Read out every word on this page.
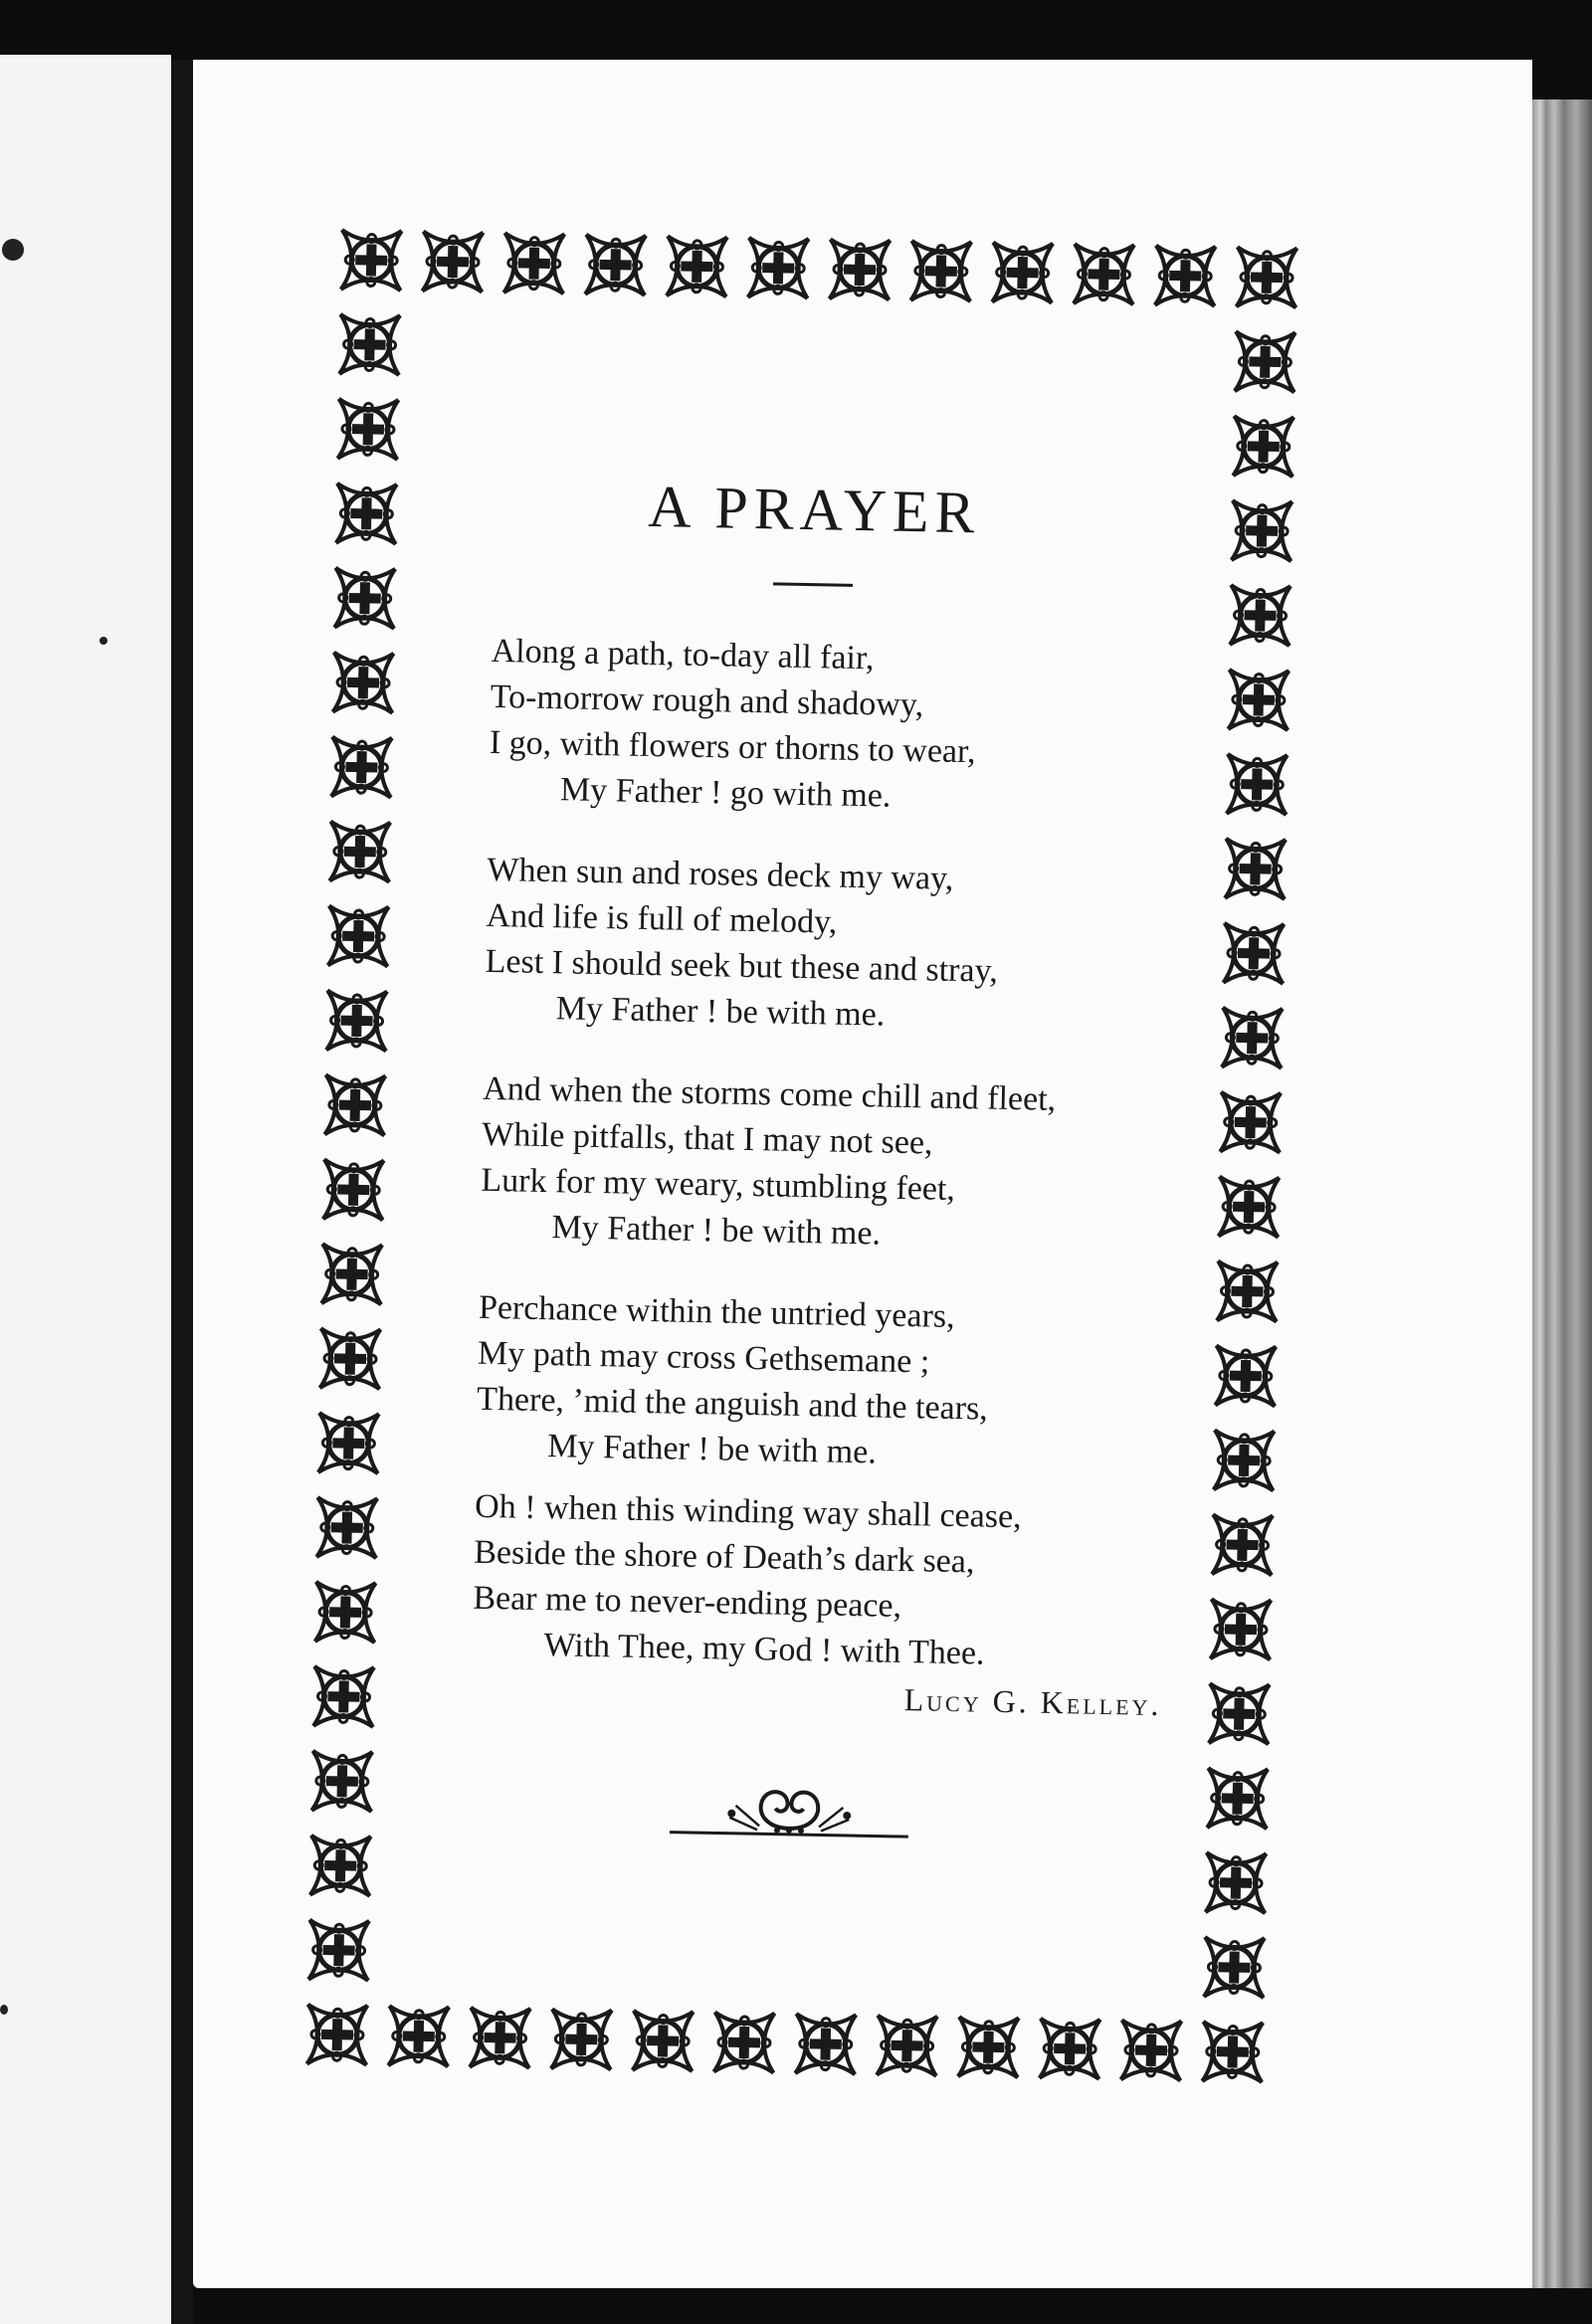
A PRAYER
Along a path, to-day all fair,
To-morrow rough and shadowy,
I go, with flowers or thorns to wear,
My Father ! go with me.
When sun and roses deck my way,
And life is full of melody,
Lest I should seek but these and stray,
My Father ! be with me.
And when the storms come chill and fleet,
While pitfalls, that I may not see,
Lurk for my weary, stumbling feet,
My Father ! be with me.
Perchance within the untried years,
My path may cross Gethsemane ;
There, ’mid the anguish and the tears,
My Father ! be with me.
Oh ! when this winding way shall cease,
Beside the shore of Death’s dark sea,
Bear me to never-ending peace,
With Thee, my God ! with Thee.
Lucy G. Kelley.
